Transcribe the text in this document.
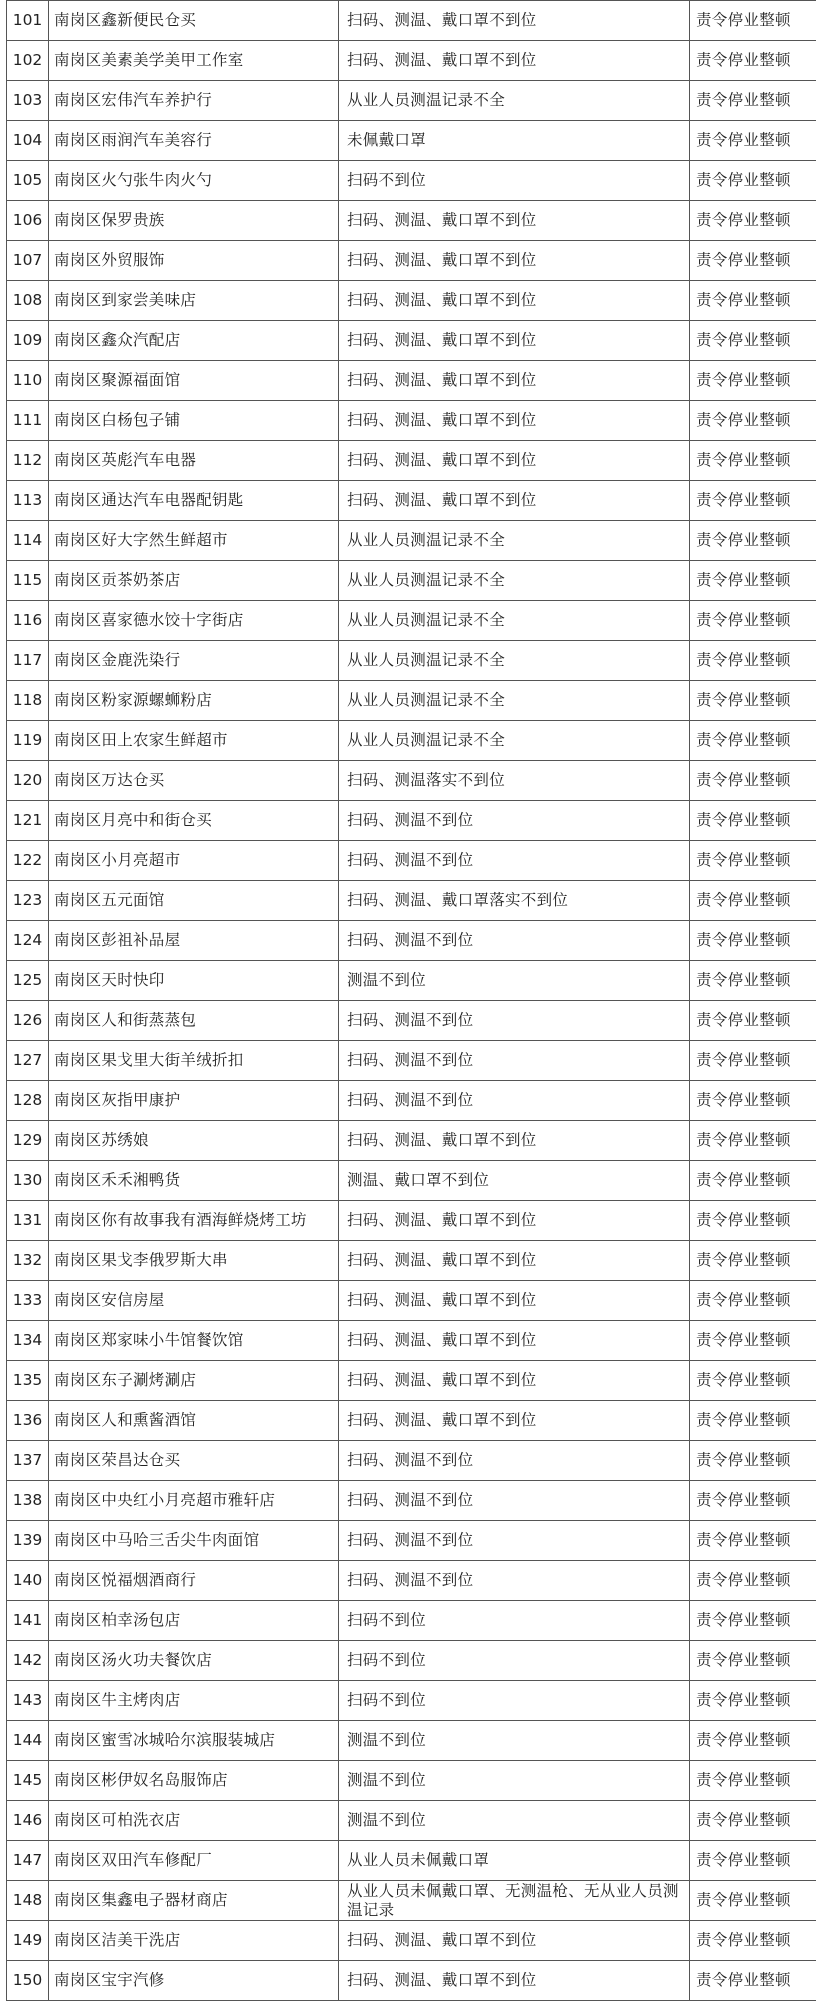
101	南岗区鑫新便民仓买	扫码、测温、戴口罩不到位	责令停业整顿
102	南岗区美素美学美甲工作室	扫码、测温、戴口罩不到位	责令停业整顿
103	南岗区宏伟汽车养护行	从业人员测温记录不全	责令停业整顿
104	南岗区雨润汽车美容行	未佩戴口罩	责令停业整顿
105	南岗区火勺张牛肉火勺	扫码不到位	责令停业整顿
106	南岗区保罗贵族	扫码、测温、戴口罩不到位	责令停业整顿
107	南岗区外贸服饰	扫码、测温、戴口罩不到位	责令停业整顿
108	南岗区到家尝美味店	扫码、测温、戴口罩不到位	责令停业整顿
109	南岗区鑫众汽配店	扫码、测温、戴口罩不到位	责令停业整顿
110	南岗区聚源福面馆	扫码、测温、戴口罩不到位	责令停业整顿
111	南岗区白杨包子铺	扫码、测温、戴口罩不到位	责令停业整顿
112	南岗区英彪汽车电器	扫码、测温、戴口罩不到位	责令停业整顿
113	南岗区通达汽车电器配钥匙	扫码、测温、戴口罩不到位	责令停业整顿
114	南岗区好大字然生鲜超市	从业人员测温记录不全	责令停业整顿
115	南岗区贡茶奶茶店	从业人员测温记录不全	责令停业整顿
116	南岗区喜家德水饺十字街店	从业人员测温记录不全	责令停业整顿
117	南岗区金鹿洗染行	从业人员测温记录不全	责令停业整顿
118	南岗区粉家源螺蛳粉店	从业人员测温记录不全	责令停业整顿
119	南岗区田上农家生鲜超市	从业人员测温记录不全	责令停业整顿
120	南岗区万达仓买	扫码、测温落实不到位	责令停业整顿
121	南岗区月亮中和街仓买	扫码、测温不到位	责令停业整顿
122	南岗区小月亮超市	扫码、测温不到位	责令停业整顿
123	南岗区五元面馆	扫码、测温、戴口罩落实不到位	责令停业整顿
124	南岗区彭祖补品屋	扫码、测温不到位	责令停业整顿
125	南岗区天时快印	测温不到位	责令停业整顿
126	南岗区人和街蒸蒸包	扫码、测温不到位	责令停业整顿
127	南岗区果戈里大街羊绒折扣	扫码、测温不到位	责令停业整顿
128	南岗区灰指甲康护	扫码、测温不到位	责令停业整顿
129	南岗区苏绣娘	扫码、测温、戴口罩不到位	责令停业整顿
130	南岗区禾禾湘鸭货	测温、戴口罩不到位	责令停业整顿
131	南岗区你有故事我有酒海鲜烧烤工坊	扫码、测温、戴口罩不到位	责令停业整顿
132	南岗区果戈李俄罗斯大串	扫码、测温、戴口罩不到位	责令停业整顿
133	南岗区安信房屋	扫码、测温、戴口罩不到位	责令停业整顿
134	南岗区郑家味小牛馆餐饮馆	扫码、测温、戴口罩不到位	责令停业整顿
135	南岗区东子涮烤涮店	扫码、测温、戴口罩不到位	责令停业整顿
136	南岗区人和熏酱酒馆	扫码、测温、戴口罩不到位	责令停业整顿
137	南岗区荣昌达仓买	扫码、测温不到位	责令停业整顿
138	南岗区中央红小月亮超市雅轩店	扫码、测温不到位	责令停业整顿
139	南岗区中马哈三舌尖牛肉面馆	扫码、测温不到位	责令停业整顿
140	南岗区悦福烟酒商行	扫码、测温不到位	责令停业整顿
141	南岗区柏幸汤包店	扫码不到位	责令停业整顿
142	南岗区汤火功夫餐饮店	扫码不到位	责令停业整顿
143	南岗区牛主烤肉店	扫码不到位	责令停业整顿
144	南岗区蜜雪冰城哈尔滨服装城店	测温不到位	责令停业整顿
145	南岗区彬伊奴名岛服饰店	测温不到位	责令停业整顿
146	南岗区可柏洗衣店	测温不到位	责令停业整顿
147	南岗区双田汽车修配厂	从业人员未佩戴口罩	责令停业整顿
148	南岗区集鑫电子器材商店	从业人员未佩戴口罩、无测温枪、无从业人员测温记录	责令停业整顿
149	南岗区洁美干洗店	扫码、测温、戴口罩不到位	责令停业整顿
150	南岗区宝宇汽修	扫码、测温、戴口罩不到位	责令停业整顿
